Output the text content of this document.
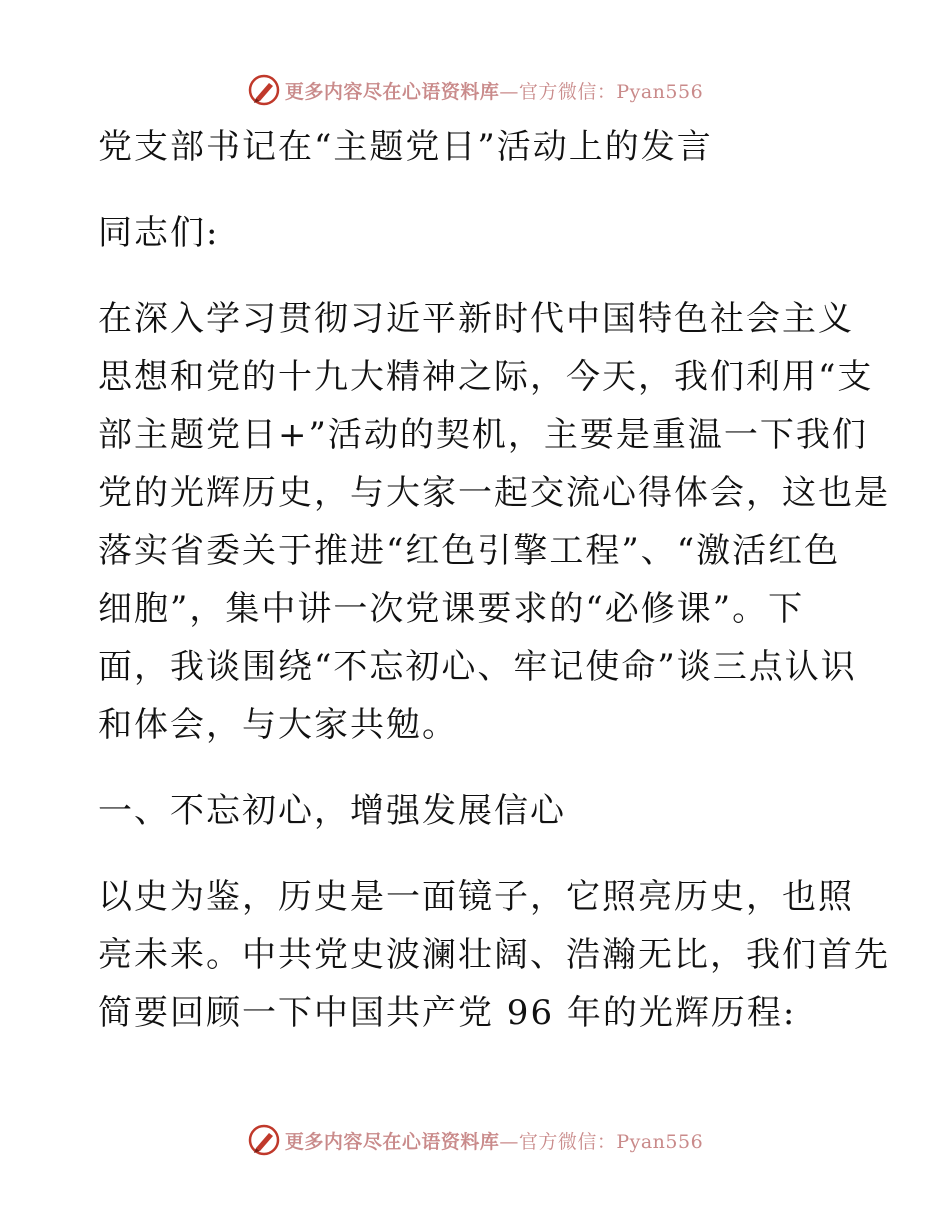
更多内容尽在心语资料库—官方微信：Pyan556
党支部书记在“主题党日”活动上的发言
同志们:
在深入学习贯彻习近平新时代中国特色社会主义
思想和党的十九大精神之际，今天，我们利用“支
部主题党日+”活动的契机，主要是重温一下我们
党的光辉历史，与大家一起交流心得体会，这也是
落实省委关于推进“红色引擎工程”、“激活红色
细胞”，集中讲一次党课要求的“必修课”。下
面，我谈围绕“不忘初心、牢记使命”谈三点认识
和体会，与大家共勉。
一、不忘初心，增强发展信心
以史为鉴，历史是一面镜子，它照亮历史，也照
亮未来。中共党史波澜壮阔、浩瀚无比，我们首先
简要回顾一下中国共产党 96 年的光辉历程:
更多内容尽在心语资料库—官方微信：Pyan556
